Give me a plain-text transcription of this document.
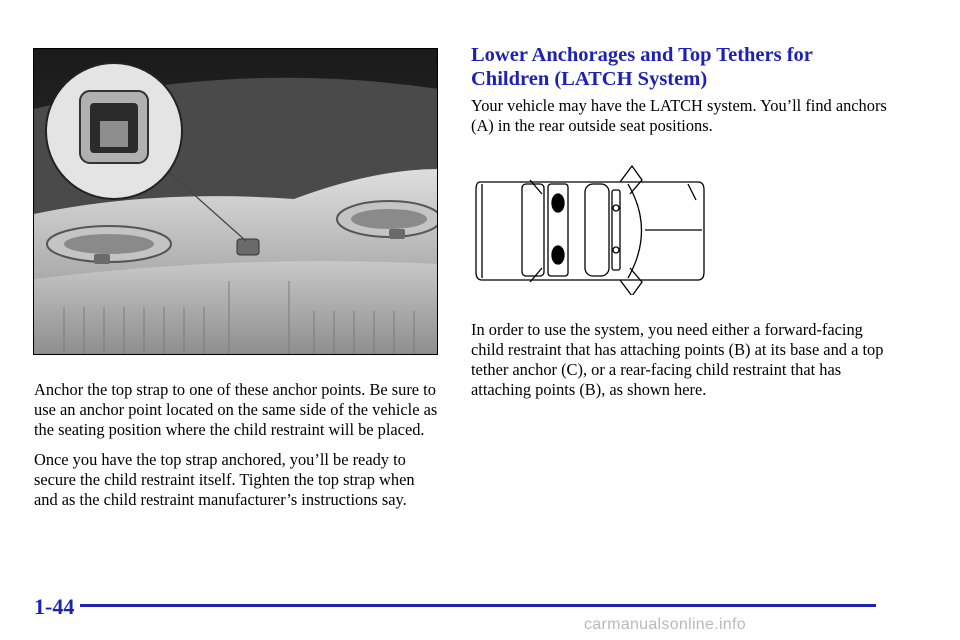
Anchor the top strap to one of these anchor points. Be sure to use an anchor point located on the same side of the vehicle as the seating position where the child restraint will be placed.

Once you have the top strap anchored, you’ll be ready to secure the child restraint itself. Tighten the top strap when and as the child restraint manufacturer’s instructions say.

Lower Anchorages and Top Tethers for Children (LATCH System)

Your vehicle may have the LATCH system. You’ll find anchors (A) in the rear outside seat positions.

In order to use the system, you need either a forward-facing child restraint that has attaching points (B) at its base and a top tether anchor (C), or a rear-facing child restraint that has attaching points (B), as shown here.

1-44
carmanualsonline.info
